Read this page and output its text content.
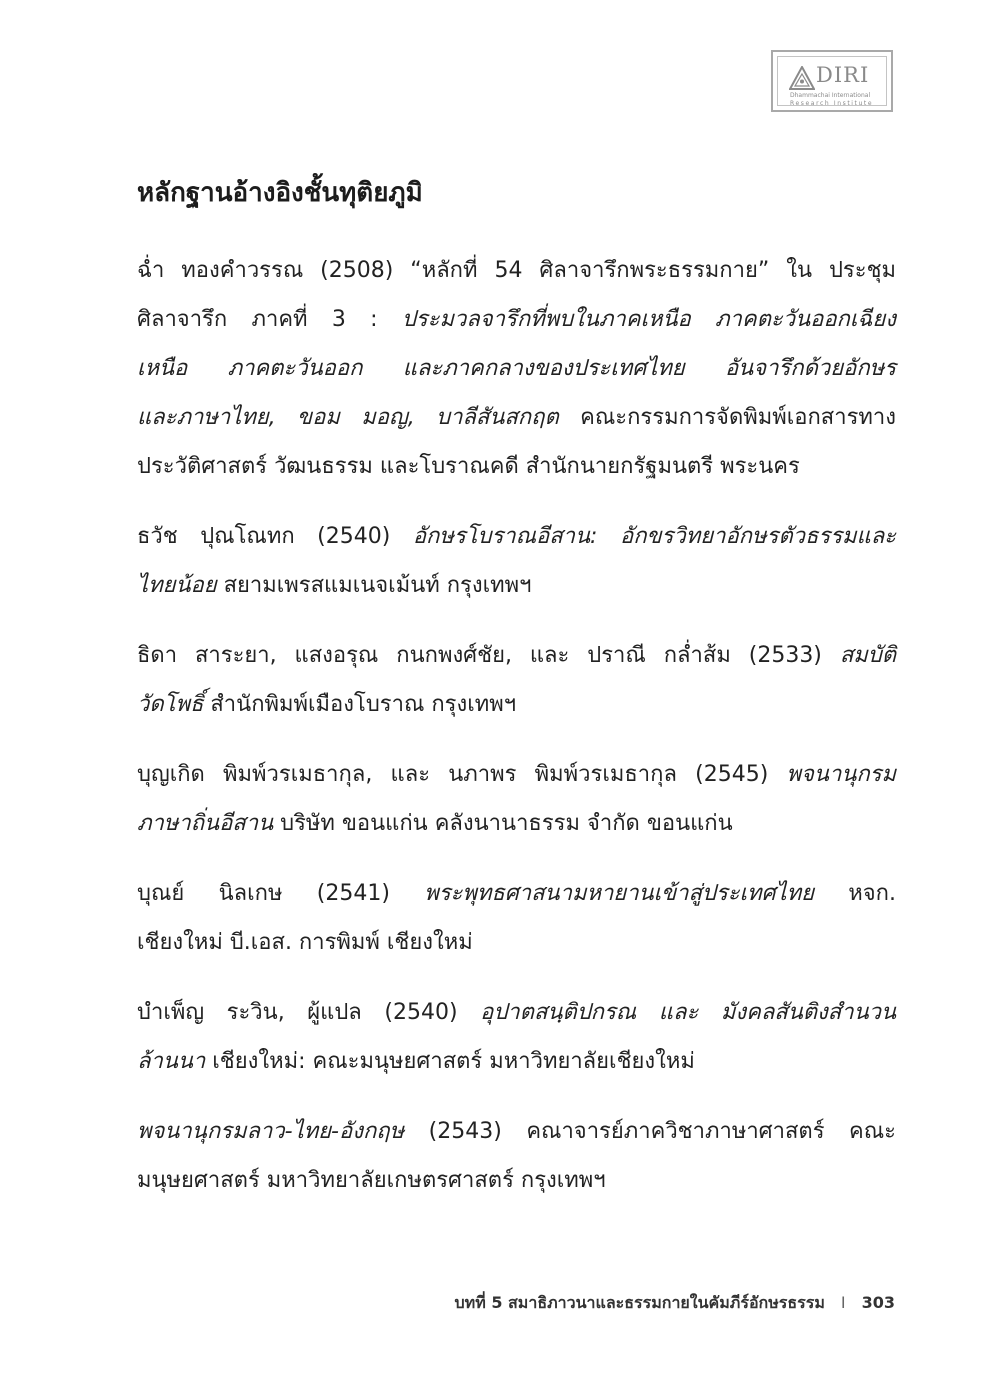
DIRI
Dhammachai International
Research Institute
หลักฐานอ้างอิงชั้นทุติยภูมิ
ฉ่ำ ทองคำวรรณ (2508) “หลักที่ 54 ศิลาจารึกพระธรรมกาย” ใน ประชุม
ศิลาจารึก ภาคที่ 3 : ประมวลจารึกที่พบในภาคเหนือ ภาคตะวันออกเฉียง
เหนือ ภาคตะวันออก และภาคกลางของประเทศไทย อันจารึกด้วยอักษร
และภาษาไทย, ขอม มอญ, บาลีสันสกฤต คณะกรรมการจัดพิมพ์เอกสารทาง
ประวัติศาสตร์ วัฒนธรรม และโบราณคดี สำนักนายกรัฐมนตรี พระนคร
ธวัช ปุณโณทก (2540) อักษรโบราณอีสาน: อักขรวิทยาอักษรตัวธรรมและ
ไทยน้อย สยามเพรสแมเนจเม้นท์ กรุงเทพฯ
ธิดา สาระยา, แสงอรุณ กนกพงศ์ชัย, และ ปราณี กล่ำส้ม (2533) สมบัติ
วัดโพธิ์ สำนักพิมพ์เมืองโบราณ กรุงเทพฯ
บุญเกิด พิมพ์วรเมธากุล, และ นภาพร พิมพ์วรเมธากุล (2545) พจนานุกรม
ภาษาถิ่นอีสาน บริษัท ขอนแก่น คลังนานาธรรม จำกัด ขอนแก่น
บุณย์ นิลเกษ (2541) พระพุทธศาสนามหายานเข้าสู่ประเทศไทย หจก.
เชียงใหม่ บี.เอส. การพิมพ์ เชียงใหม่
บำเพ็ญ ระวิน, ผู้แปล (2540) อุปาตสนฺติปกรณ และ มังคลสันติงสำนวน
ล้านนา เชียงใหม่: คณะมนุษยศาสตร์ มหาวิทยาลัยเชียงใหม่
พจนานุกรมลาว-ไทย-อังกฤษ (2543) คณาจารย์ภาควิชาภาษาศาสตร์ คณะ
มนุษยศาสตร์ มหาวิทยาลัยเกษตรศาสตร์ กรุงเทพฯ
บทที่ 5 สมาธิภาวนาและธรรมกายในคัมภีร์อักษรธรรม I 303
